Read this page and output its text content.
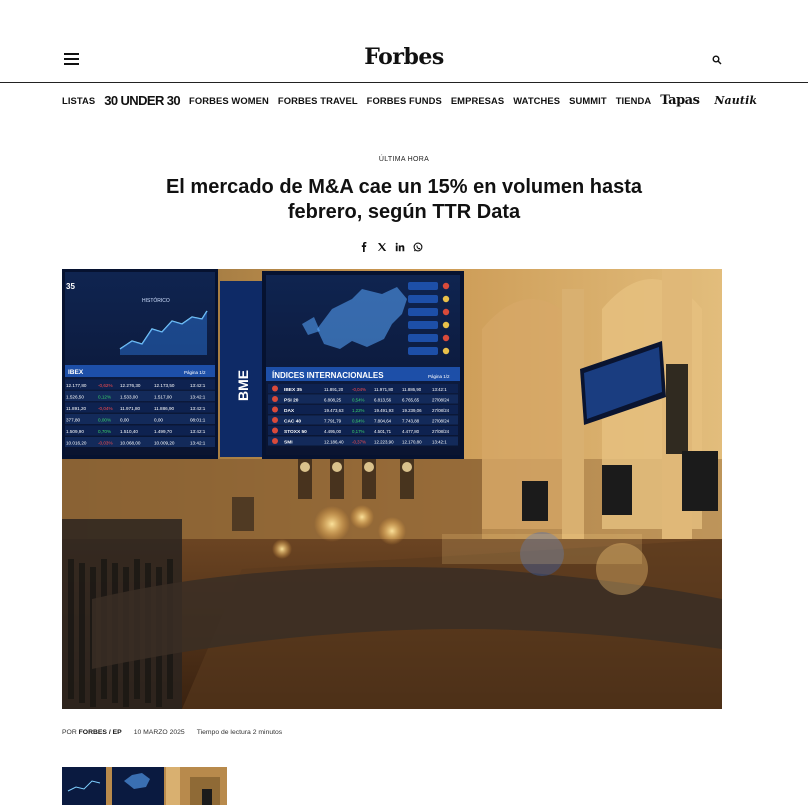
Forbes
LISTAS 30 UNDER 30 FORBES WOMEN FORBES TRAVEL FORBES FUNDS EMPRESAS WATCHES SUMMIT TIENDA Tapas Nautik
ÚLTIMA HORA
El mercado de M&A cae un 15% en volumen hasta
febrero, según TTR Data
35
HISTÓRICO
IBEX	Página 1/2
12.177,80	-0,62% 12.276,30	12.173,50	13:42:1
1.526,50	0,12% 1.533,00	1.517,00	13:42:1
11.891,20	-0,04% 11.971,80	11.886,90	13:42:1
377,80	0,00% 0,00	0,00	08:01:1
1.509,90	0,70% 1.510,40	1.499,70	13:42:1
10.016,20	-0,03% 10.068,00	10.009,20	13:42:1
BME	ÍNDICES INTERNACIONALES	Página 1/2
IBEX 35	11.891,20 -0,04% 11.971,80 11.886,90 13:42:1
PSI 20	6.808,25 0,54% 6.813,56 6.765,65	27/08/24
DAX	19.473,63 1,22% 19.491,93 19.239,06 27/08/24
CAC 40	7.791,79 0,64% 7.804,64 7.743,88	27/08/24
STOXX 50	4.495,00 0,17% 4.501,71 4.477,80	27/08/24
SMI	12.186,40 -0,37% 12.223,90 12.170,80 13:42:1
POR FORBES / EP 10 MARZO 2025 Tiempo de lectura 2 minutos
